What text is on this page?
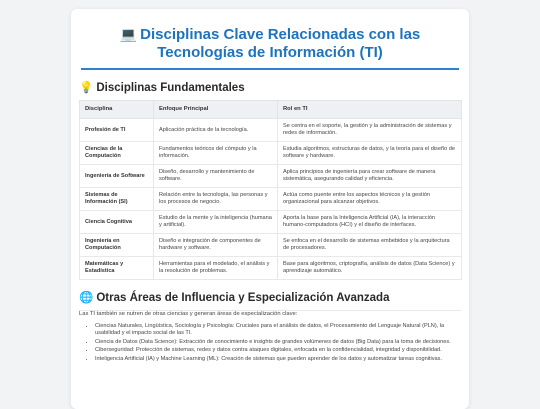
💻 Disciplinas Clave Relacionadas con las Tecnologías de Información (TI)
💡 Disciplinas Fundamentales
Disciplina	Enfoque Principal	Rol en TI
Profesión de TI	Aplicación práctica de la tecnología.	Se centra en el soporte, la gestión y la administración de sistemas y redes de información.
Ciencias de la Computación	Fundamentos teóricos del cómputo y la información.	Estudia algoritmos, estructuras de datos, y la teoría para el diseño de software y hardware.
Ingeniería de Software	Diseño, desarrollo y mantenimiento de software.	Aplica principios de ingeniería para crear software de manera sistemática, asegurando calidad y eficiencia.
Sistemas de Información (SI)	Relación entre la tecnología, las personas y los procesos de negocio.	Actúa como puente entre los aspectos técnicos y la gestión organizacional para alcanzar objetivos.
Ciencia Cognitiva	Estudio de la mente y la inteligencia (humana y artificial).	Aporta la base para la Inteligencia Artificial (IA), la interacción humano-computadora (HCI) y el diseño de interfaces.
Ingeniería en Computación	Diseño e integración de componentes de hardware y software.	Se enfoca en el desarrollo de sistemas embebidos y la arquitectura de procesadores.
Matemáticas y Estadística	Herramientas para el modelado, el análisis y la resolución de problemas.	Base para algoritmos, criptografía, análisis de datos (Data Science) y aprendizaje automático.
🌐 Otras Áreas de Influencia y Especialización Avanzada

Las TI también se nutren de otras ciencias y generan áreas de especialización clave:

• Ciencias Naturales, Lingüística, Sociología y Psicología: Cruciales para el análisis de datos, el Procesamiento del Lenguaje Natural (PLN), la usabilidad y el impacto social de las TI.
• Ciencia de Datos (Data Science): Extracción de conocimiento e insights de grandes volúmenes de datos (Big Data) para la toma de decisiones.
• Ciberseguridad: Protección de sistemas, redes y datos contra ataques digitales, enfocada en la confidencialidad, integridad y disponibilidad.
• Inteligencia Artificial (IA) y Machine Learning (ML): Creación de sistemas que pueden aprender de los datos y automatizar tareas cognitivas.
